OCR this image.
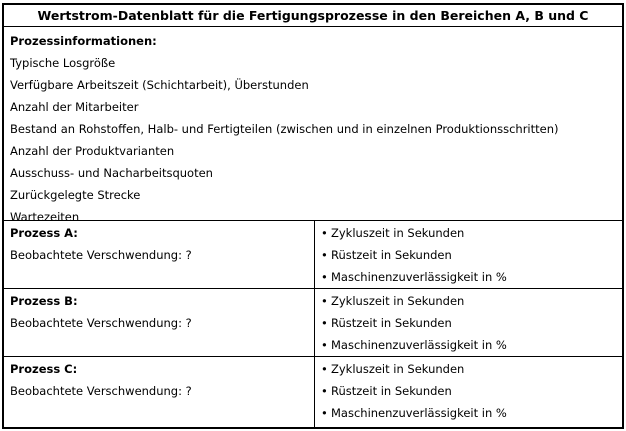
Wertstrom-Datenblatt für die Fertigungsprozesse in den Bereichen A, B und C
Prozessinformationen:
Typische Losgröße
Verfügbare Arbeitszeit (Schichtarbeit), Überstunden
Anzahl der Mitarbeiter
Bestand an Rohstoffen, Halb- und Fertigteilen (zwischen und in einzelnen Produktionsschritten)
Anzahl der Produktvarianten
Ausschuss- und Nacharbeitsquoten
Zurückgelegte Strecke
Wartezeiten
Prozess A:
Beobachtete Verschwendung: ?
• Zykluszeit in Sekunden
• Rüstzeit in Sekunden
• Maschinenzuverlässigkeit in %
Prozess B:
Beobachtete Verschwendung: ?
• Zykluszeit in Sekunden
• Rüstzeit in Sekunden
• Maschinenzuverlässigkeit in %
Prozess C:
Beobachtete Verschwendung: ?
• Zykluszeit in Sekunden
• Rüstzeit in Sekunden
• Maschinenzuverlässigkeit in %
